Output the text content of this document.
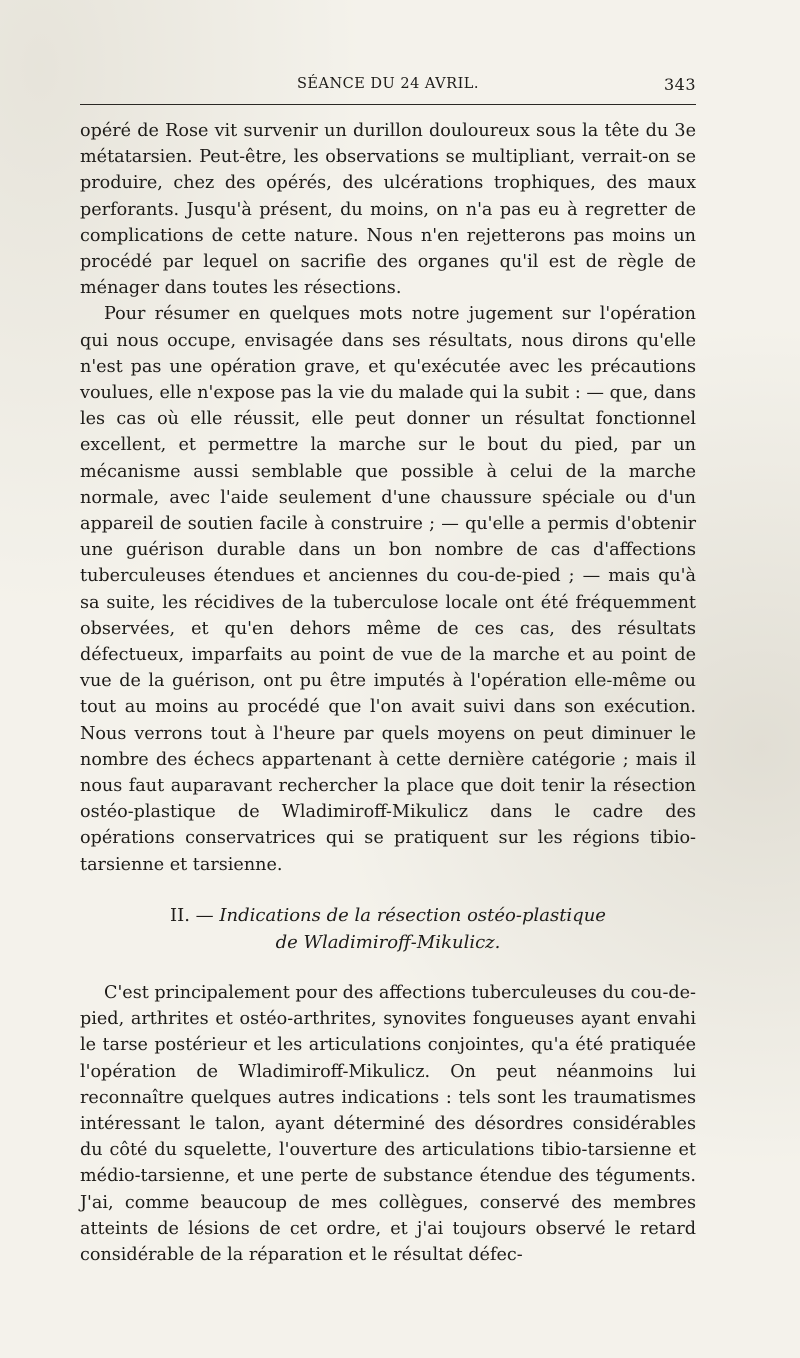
SÉANCE DU 24 AVRIL.	343

opéré de Rose vit survenir un durillon douloureux sous la tête du 3e métatarsien. Peut-être, les observations se multipliant, verrait-on se produire, chez des opérés, des ulcérations trophiques, des maux perforants. Jusqu'à présent, du moins, on n'a pas eu à regretter de complications de cette nature. Nous n'en rejetterons pas moins un procédé par lequel on sacrifie des organes qu'il est de règle de ménager dans toutes les résections.

Pour résumer en quelques mots notre jugement sur l'opération qui nous occupe, envisagée dans ses résultats, nous dirons qu'elle n'est pas une opération grave, et qu'exécutée avec les précautions voulues, elle n'expose pas la vie du malade qui la subit : — que, dans les cas où elle réussit, elle peut donner un résultat fonctionnel excellent, et permettre la marche sur le bout du pied, par un mécanisme aussi semblable que possible à celui de la marche normale, avec l'aide seulement d'une chaussure spéciale ou d'un appareil de soutien facile à construire ; — qu'elle a permis d'obtenir une guérison durable dans un bon nombre de cas d'affections tuberculeuses étendues et anciennes du cou-de-pied ; — mais qu'à sa suite, les récidives de la tuberculose locale ont été fréquemment observées, et qu'en dehors même de ces cas, des résultats défectueux, imparfaits au point de vue de la marche et au point de vue de la guérison, ont pu être imputés à l'opération elle-même ou tout au moins au procédé que l'on avait suivi dans son exécution. Nous verrons tout à l'heure par quels moyens on peut diminuer le nombre des échecs appartenant à cette dernière catégorie ; mais il nous faut auparavant rechercher la place que doit tenir la résection ostéo-plastique de Wladimiroff-Mikulicz dans le cadre des opérations conservatrices qui se pratiquent sur les régions tibio-tarsienne et tarsienne.

II. — Indications de la résection ostéo-plastique
de Wladimiroff-Mikulicz.

C'est principalement pour des affections tuberculeuses du cou-de-pied, arthrites et ostéo-arthrites, synovites fongueuses ayant envahi le tarse postérieur et les articulations conjointes, qu'a été pratiquée l'opération de Wladimiroff-Mikulicz. On peut néanmoins lui reconnaître quelques autres indications : tels sont les traumatismes intéressant le talon, ayant déterminé des désordres considérables du côté du squelette, l'ouverture des articulations tibio-tarsienne et médio-tarsienne, et une perte de substance étendue des téguments. J'ai, comme beaucoup de mes collègues, conservé des membres atteints de lésions de cet ordre, et j'ai toujours observé le retard considérable de la réparation et le résultat défec-
